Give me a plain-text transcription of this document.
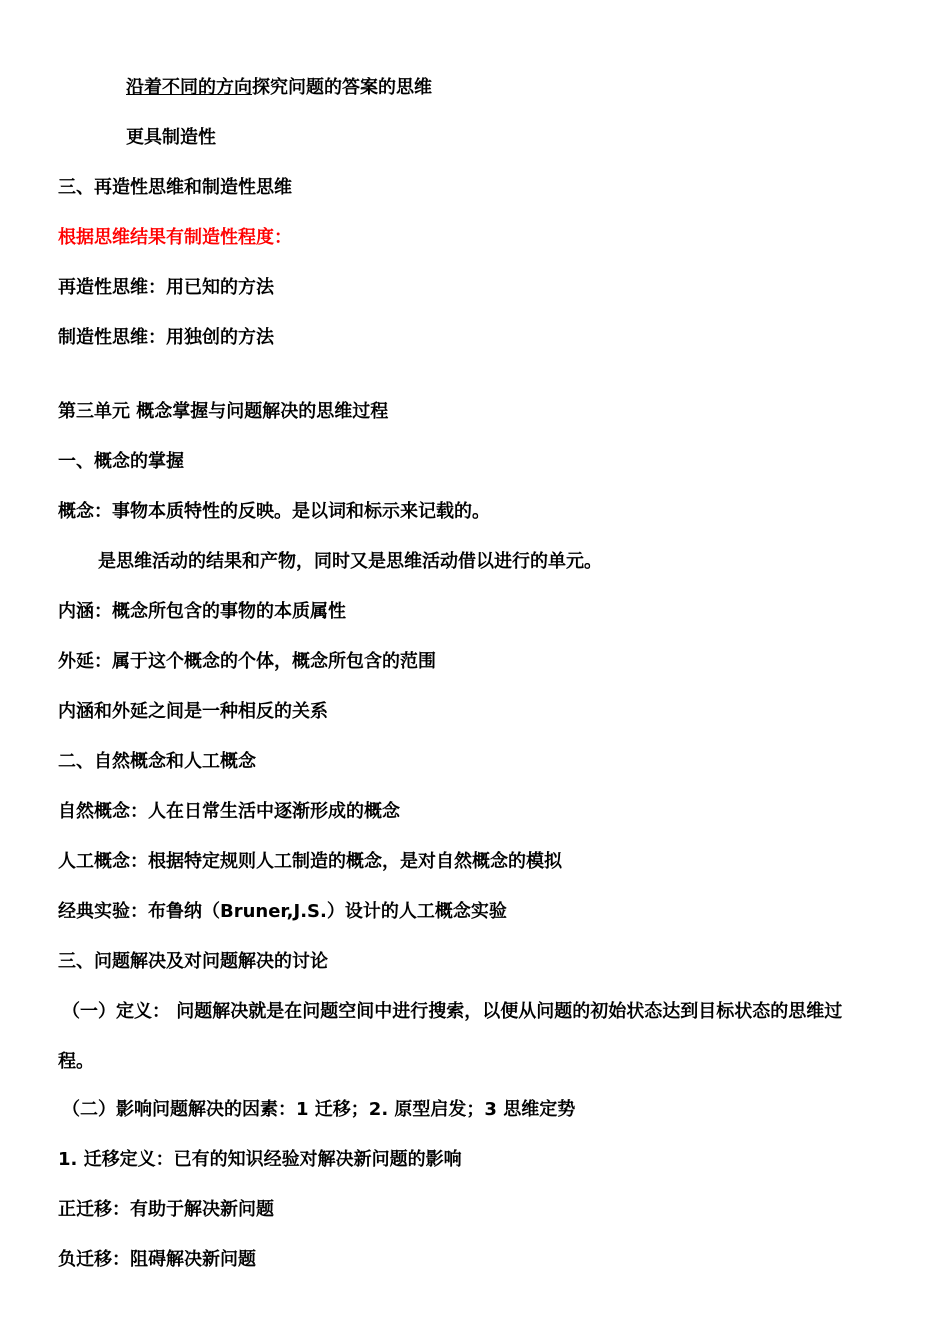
沿着不同的方向探究问题的答案的思维
更具制造性
三、再造性思维和制造性思维
根据思维结果有制造性程度：
再造性思维：用已知的方法
制造性思维：用独创的方法
第三单元 概念掌握与问题解决的思维过程
一、概念的掌握
概念：事物本质特性的反映。是以词和标示来记载的。
是思维活动的结果和产物，同时又是思维活动借以进行的单元。
内涵：概念所包含的事物的本质属性
外延：属于这个概念的个体，概念所包含的范围
内涵和外延之间是一种相反的关系
二、自然概念和人工概念
自然概念：人在日常生活中逐渐形成的概念
人工概念：根据特定规则人工制造的概念，是对自然概念的模拟
经典实验：布鲁纳（Bruner,J.S.）设计的人工概念实验
三、问题解决及对问题解决的讨论
（一）定义： 问题解决就是在问题空间中进行搜索，以便从问题的初始状态达到目标状态的思维过
程。
（二）影响问题解决的因素：1 迁移；2. 原型启发；3 思维定势
1. 迁移定义：已有的知识经验对解决新问题的影响
正迁移：有助于解决新问题
负迁移：阻碍解决新问题
